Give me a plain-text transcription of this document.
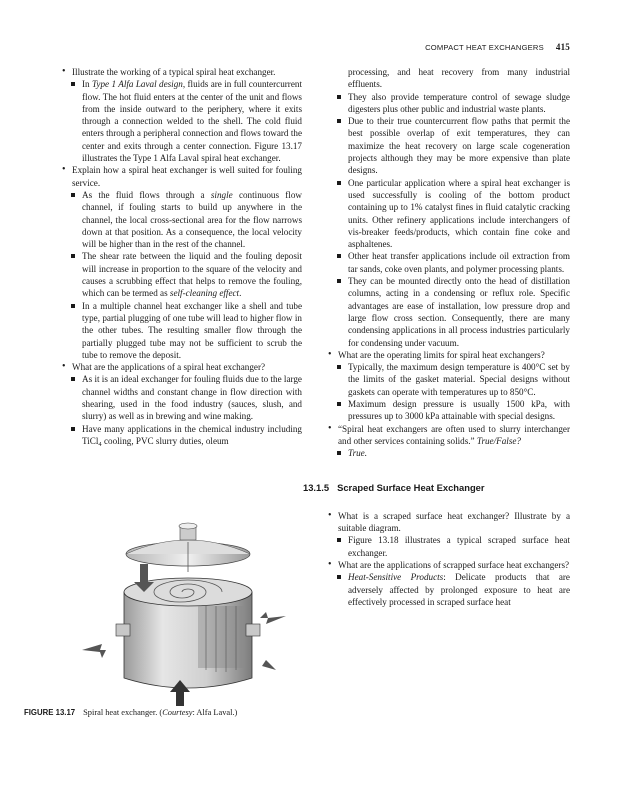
COMPACT HEAT EXCHANGERS 415

• Illustrate the working of a typical spiral heat exchanger.

In Type 1 Alfa Laval design, fluids are in full countercurrent flow. The hot fluid enters at the center of the unit and flows from the inside outward to the periphery, where it exits through a connection welded to the shell. The cold fluid enters through a peripheral connection and flows toward the center and exits through a center connection. Figure 13.17 illustrates the Type 1 Alfa Laval spiral heat exchanger.

• Explain how a spiral heat exchanger is well suited for fouling service.

As the fluid flows through a single continuous flow channel, if fouling starts to build up anywhere in the channel, the local cross-sectional area for the flow narrows down at that position. As a consequence, the local velocity will be higher than in the rest of the channel.

The shear rate between the liquid and the fouling deposit will increase in proportion to the square of the velocity and causes a scrubbing effect that helps to remove the fouling, which can be termed as self-cleaning effect.

In a multiple channel heat exchanger like a shell and tube type, partial plugging of one tube will lead to higher flow in the other tubes. The resulting smaller flow through the partially plugged tube may not be sufficient to scrub the tube to remove the deposit.

• What are the applications of a spiral heat exchanger?

As it is an ideal exchanger for fouling fluids due to the large channel widths and constant change in flow direction with shearing, used in the food industry (sauces, slush, and slurry) as well as in brewing and wine making.

Have many applications in the chemical industry including TiCl$_4$ cooling, PVC slurry duties, oleum

FIGURE 13.17 Spiral heat exchanger. (Courtesy: Alfa Laval.)

processing, and heat recovery from many industrial effluents.

They also provide temperature control of sewage sludge digesters plus other public and industrial waste plants.

Due to their true countercurrent flow paths that permit the best possible overlap of exit temperatures, they can maximize the heat recovery on large scale cogeneration projects although they may be more expensive than plate designs.

One particular application where a spiral heat exchanger is used successfully is cooling of the bottom product containing up to 1% catalyst fines in fluid catalytic cracking units. Other refinery applications include interchangers of vis-breaker feeds/products, which contain fine coke and asphaltenes.

Other heat transfer applications include oil extraction from tar sands, coke oven plants, and polymer processing plants.

They can be mounted directly onto the head of distillation columns, acting in a condensing or reflux role. Specific advantages are ease of installation, low pressure drop and large flow cross section. Consequently, there are many condensing applications in all process industries particularly for condensing under vacuum.

• What are the operating limits for spiral heat exchangers?

Typically, the maximum design temperature is 400°C set by the limits of the gasket material. Special designs without gaskets can operate with temperatures up to 850°C.

Maximum design pressure is usually 1500 kPa, with pressures up to 3000 kPa attainable with special designs.

• “Spiral heat exchangers are often used to slurry interchanger and other services containing solids.” True/False?

True.

13.1.5 Scraped Surface Heat Exchanger

• What is a scraped surface heat exchanger? Illustrate by a suitable diagram.

Figure 13.18 illustrates a typical scraped surface heat exchanger.

• What are the applications of scrapped surface heat exchangers?

Heat-Sensitive Products: Delicate products that are adversely affected by prolonged exposure to heat are effectively processed in scraped surface heat
